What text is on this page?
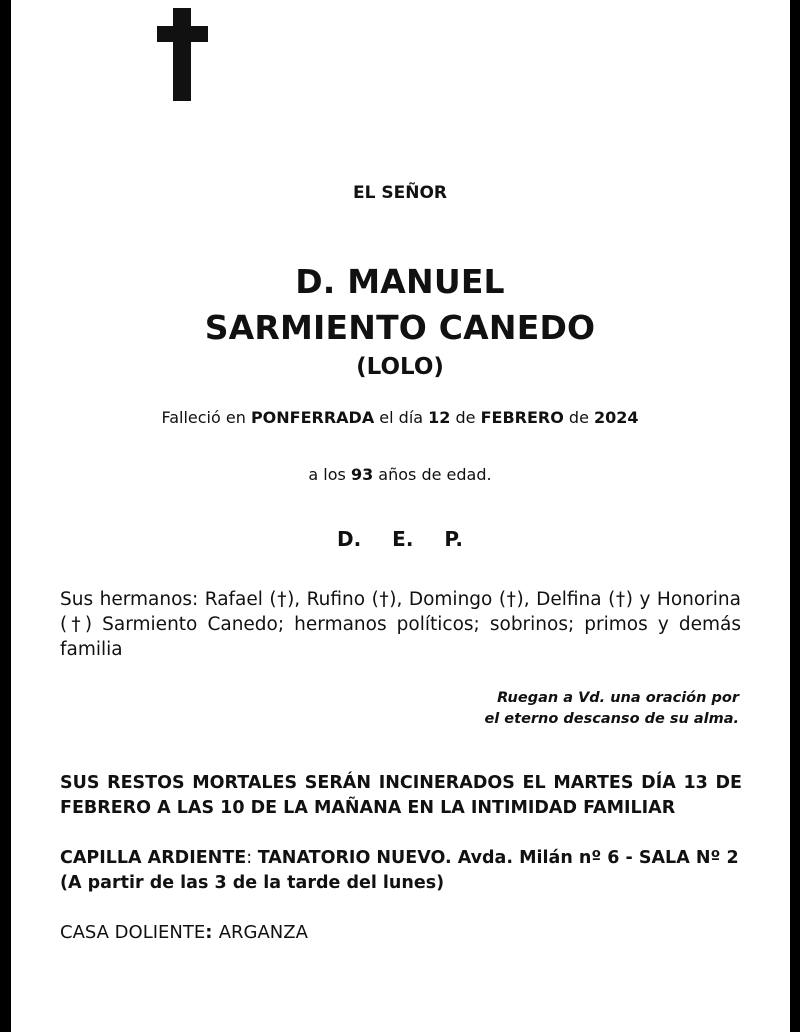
EL SEÑOR
D. MANUEL
SARMIENTO CANEDO
(LOLO)
Falleció en PONFERRADA el día 12 de FEBRERO de 2024
a los 93 años de edad.
D. E. P.
Sus hermanos: Rafael (†), Rufino (†), Domingo (†), Delfina (†) y Honorina (†) Sarmiento Canedo; hermanos políticos; sobrinos; primos y demás familia
Ruegan a Vd. una oración por
el eterno descanso de su alma.
SUS RESTOS MORTALES SERÁN INCINERADOS EL MARTES DÍA 13 DE FEBRERO A LAS 10 DE LA MAÑANA EN LA INTIMIDAD FAMILIAR
CAPILLA ARDIENTE: TANATORIO NUEVO. Avda. Milán nº 6 - SALA Nº 2
(A partir de las 3 de la tarde del lunes)
CASA DOLIENTE: ARGANZA
